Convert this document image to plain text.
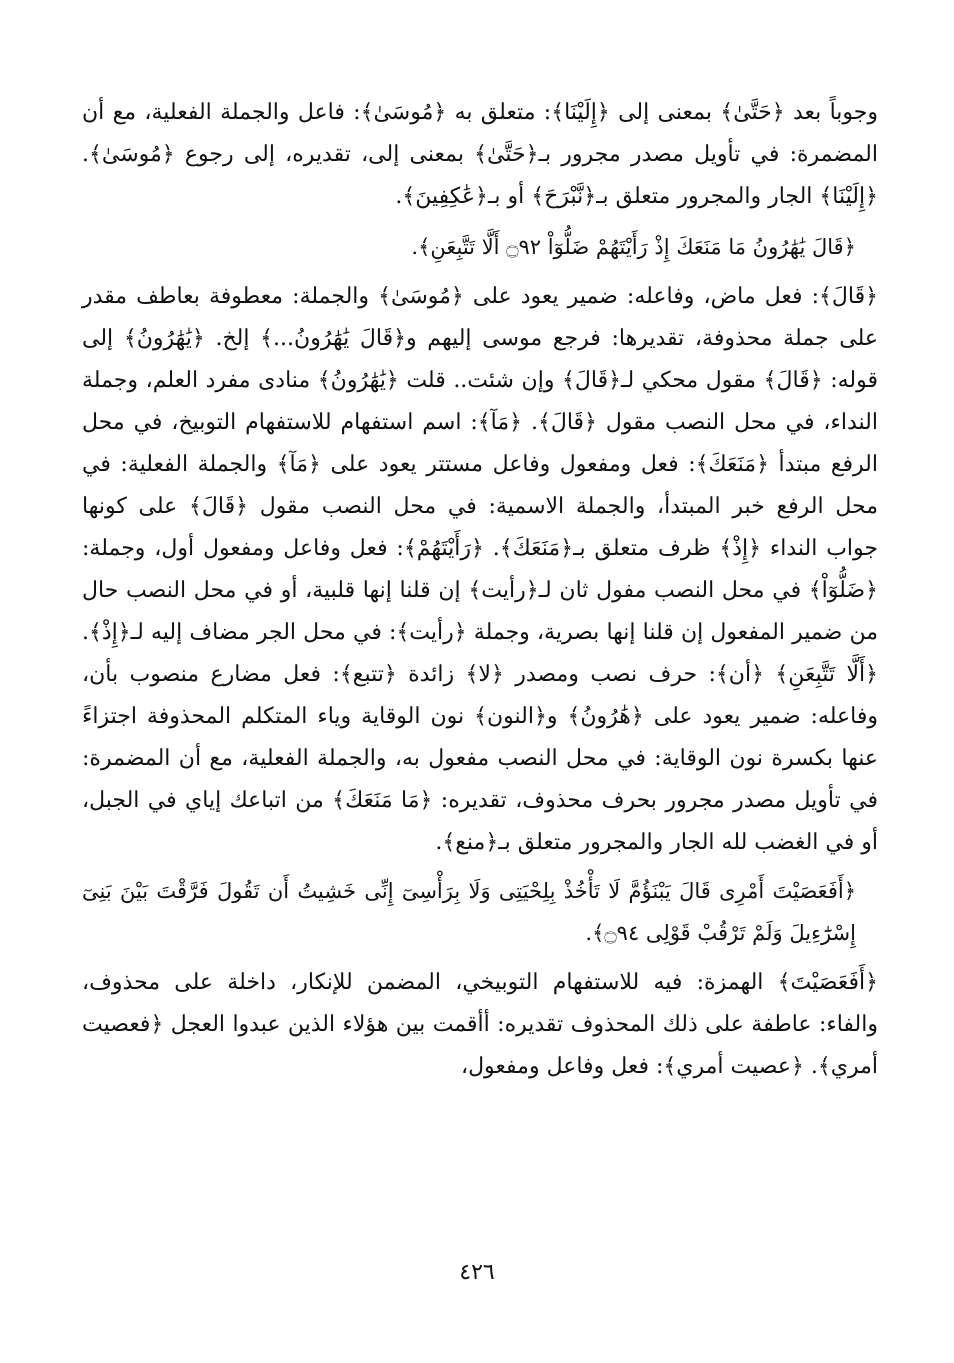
وجوباً بعد ﴿حَتَّىٰ﴾ بمعنى إلى ﴿إِلَيْنَا﴾: متعلق به ﴿مُوسَىٰ﴾: فاعل والجملة الفعلية، مع أن المضمرة: في تأويل مصدر مجرور بـ﴿حَتَّىٰ﴾ بمعنى إلى، تقديره، إلى رجوع ﴿مُوسَىٰ﴾. ﴿إِلَيْنَا﴾ الجار والمجرور متعلق بـ﴿نَّبْرَحَ﴾ أو بـ﴿عَٰكِفِينَ﴾.

﴿قَالَ يَٰهَٰرُونُ مَا مَنَعَكَ إِذْ رَأَيْتَهُمْ ضَلُّوٓاْ ۝٩٢ أَلَّا تَتَّبِعَنِ﴾.

﴿قَالَ﴾: فعل ماض، وفاعله: ضمير يعود على ﴿مُوسَىٰ﴾ والجملة: معطوفة بعاطف مقدر على جملة محذوفة، تقديرها: فرجع موسى إليهم و﴿قَالَ يَٰهَٰرُونُ...﴾ إلخ. ﴿يَٰهَٰرُونُ﴾ إلى قوله: ﴿قَالَ﴾ مقول محكي لـ﴿قَالَ﴾ وإن شئت.. قلت ﴿يَٰهَٰرُونُ﴾ منادى مفرد العلم، وجملة النداء، في محل النصب مقول ﴿قَالَ﴾. ﴿مَآ﴾: اسم استفهام للاستفهام التوبيخ، في محل الرفع مبتدأ ﴿مَنَعَكَ﴾: فعل ومفعول وفاعل مستتر يعود على ﴿مَآ﴾ والجملة الفعلية: في محل الرفع خبر المبتدأ، والجملة الاسمية: في محل النصب مقول ﴿قَالَ﴾ على كونها جواب النداء ﴿إِذْ﴾ ظرف متعلق بـ﴿مَنَعَكَ﴾. ﴿رَأَيْتَهُمْ﴾: فعل وفاعل ومفعول أول، وجملة: ﴿ضَلُّوٓاْ﴾ في محل النصب مفول ثان لـ﴿رأيت﴾ إن قلنا إنها قلبية، أو في محل النصب حال من ضمير المفعول إن قلنا إنها بصرية، وجملة ﴿رأيت﴾: في محل الجر مضاف إليه لـ﴿إِذْ﴾. ﴿أَلَّا تَتَّبِعَنِ﴾ ﴿أن﴾: حرف نصب ومصدر ﴿لا﴾ زائدة ﴿تتبع﴾: فعل مضارع منصوب بأن، وفاعله: ضمير يعود على ﴿هَٰرُونُ﴾ و﴿النون﴾ نون الوقاية وياء المتكلم المحذوفة اجتزاءً عنها بكسرة نون الوقاية: في محل النصب مفعول به، والجملة الفعلية، مع أن المضمرة: في تأويل مصدر مجرور بحرف محذوف، تقديره: ﴿مَا مَنَعَكَ﴾ من اتباعك إياي في الجبل، أو في الغضب لله الجار والمجرور متعلق بـ﴿منع﴾.

﴿أَفَعَصَيْتَ أَمْرِى قَالَ يَبْنَؤُمَّ لَا تَأْخُذْ بِلِحْيَتِى وَلَا بِرَأْسِىٓ إِنِّى خَشِيتُ أَن تَقُولَ فَرَّقْتَ بَيْنَ بَنِىٓ إِسْرَٰٓءِيلَ وَلَمْ تَرْقُبْ قَوْلِى ۝٩٤﴾.

﴿أَفَعَصَيْتَ﴾ الهمزة: فيه للاستفهام التوبيخي، المضمن للإنكار، داخلة على محذوف، والفاء: عاطفة على ذلك المحذوف تقديره: أأقمت بين هؤلاء الذين عبدوا العجل ﴿فعصيت أمري﴾. ﴿عصيت أمري﴾: فعل وفاعل ومفعول،

٤٢٦
